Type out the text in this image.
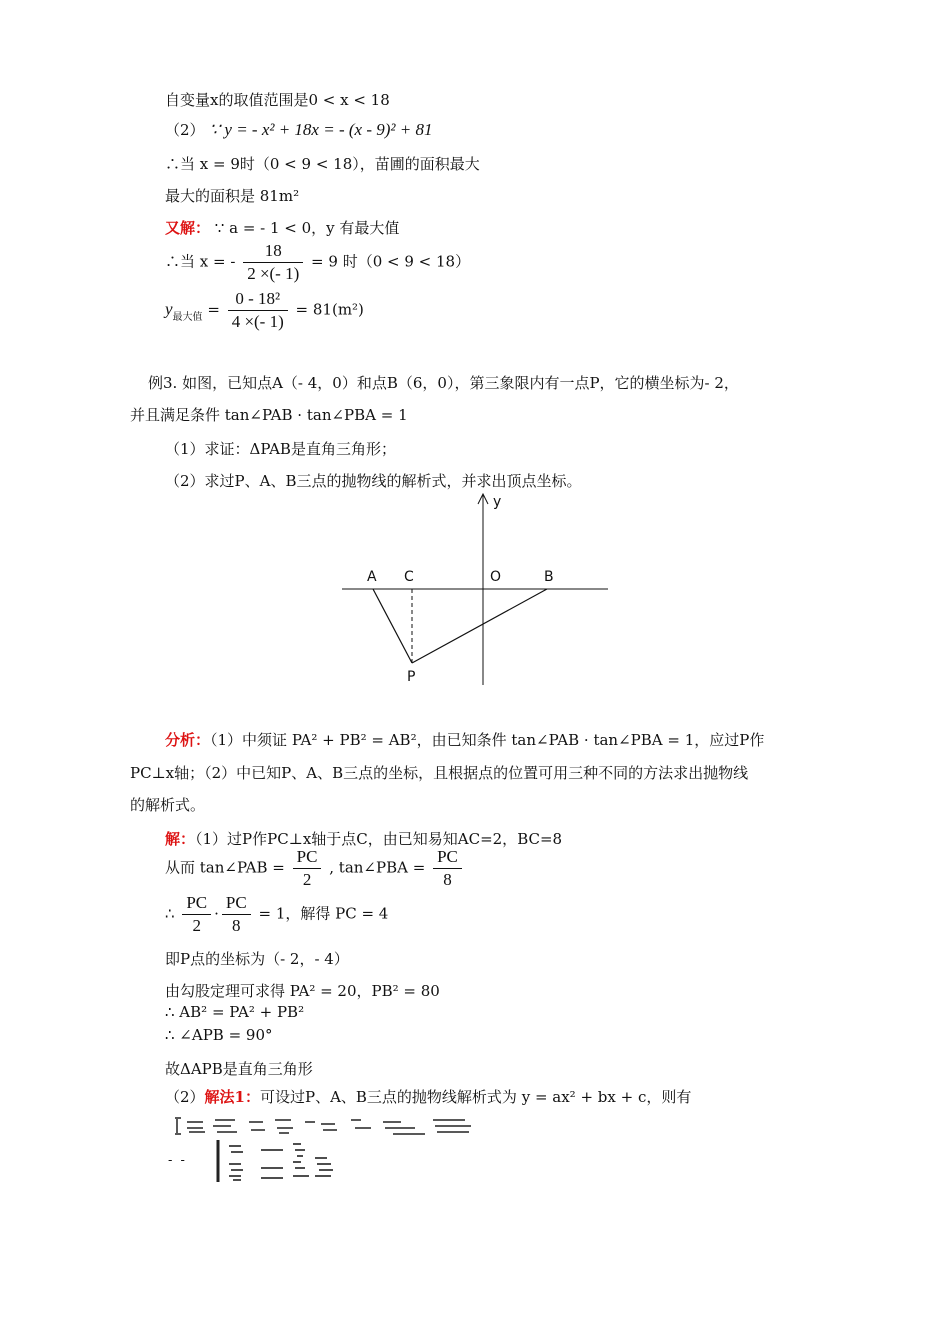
自变量x的取值范围是0 < x < 18
（2） ∵ y = - x² + 18x = - (x - 9)² + 81
∴当 x = 9时（0 < 9 < 18），苗圃的面积最大
最大的面积是 81m²
又解： ∵ a = - 1 < 0，y 有最大值
∴当 x = - $\frac{18}{2 \times(- 1)} = 9$ 时（0 < 9 < 18）
$y_{最大值} = \frac{\text{0 - 18²}}{4 \times(- 1)} = 81(m^2)$
例3. 如图，已知点A（- 4，0）和点B（6，0），第三象限内有一点P，它的横坐标为- 2，
并且满足条件 tan∠PAB · tan∠PBA = 1
（1）求证：ΔPAB是直角三角形；
（2）求过P、A、B三点的抛物线的解析式，并求出顶点坐标。
y
A C	O	B
P
分析：（1）中须证 PA² + PB² = AB²，由已知条件 tan∠PAB · tan∠PBA = 1，应过P作
PC⊥x轴；（2）中已知P、A、B三点的坐标，且根据点的位置可用三种不同的方法求出抛物线
的解析式。
解：（1）过P作PC⊥x轴于点C，由已知易知AC=2，BC=8
从而 tan∠PAB = $\frac{PC}{2}$ , tan∠PBA = $\frac{PC}{8}$
∴ $\frac{PC}{2} \cdot \frac{PC}{8} = 1$，解得 PC = 4
即P点的坐标为（- 2，- 4）
由勾股定理可求得 PA² = 20，PB² = 80
∴ AB² = PA² + PB²
∴ ∠APB = 90°
故ΔAPB是直角三角形
（2）解法1：可设过P、A、B三点的抛物线解析式为 y = ax² + bx + c，则有
- -
